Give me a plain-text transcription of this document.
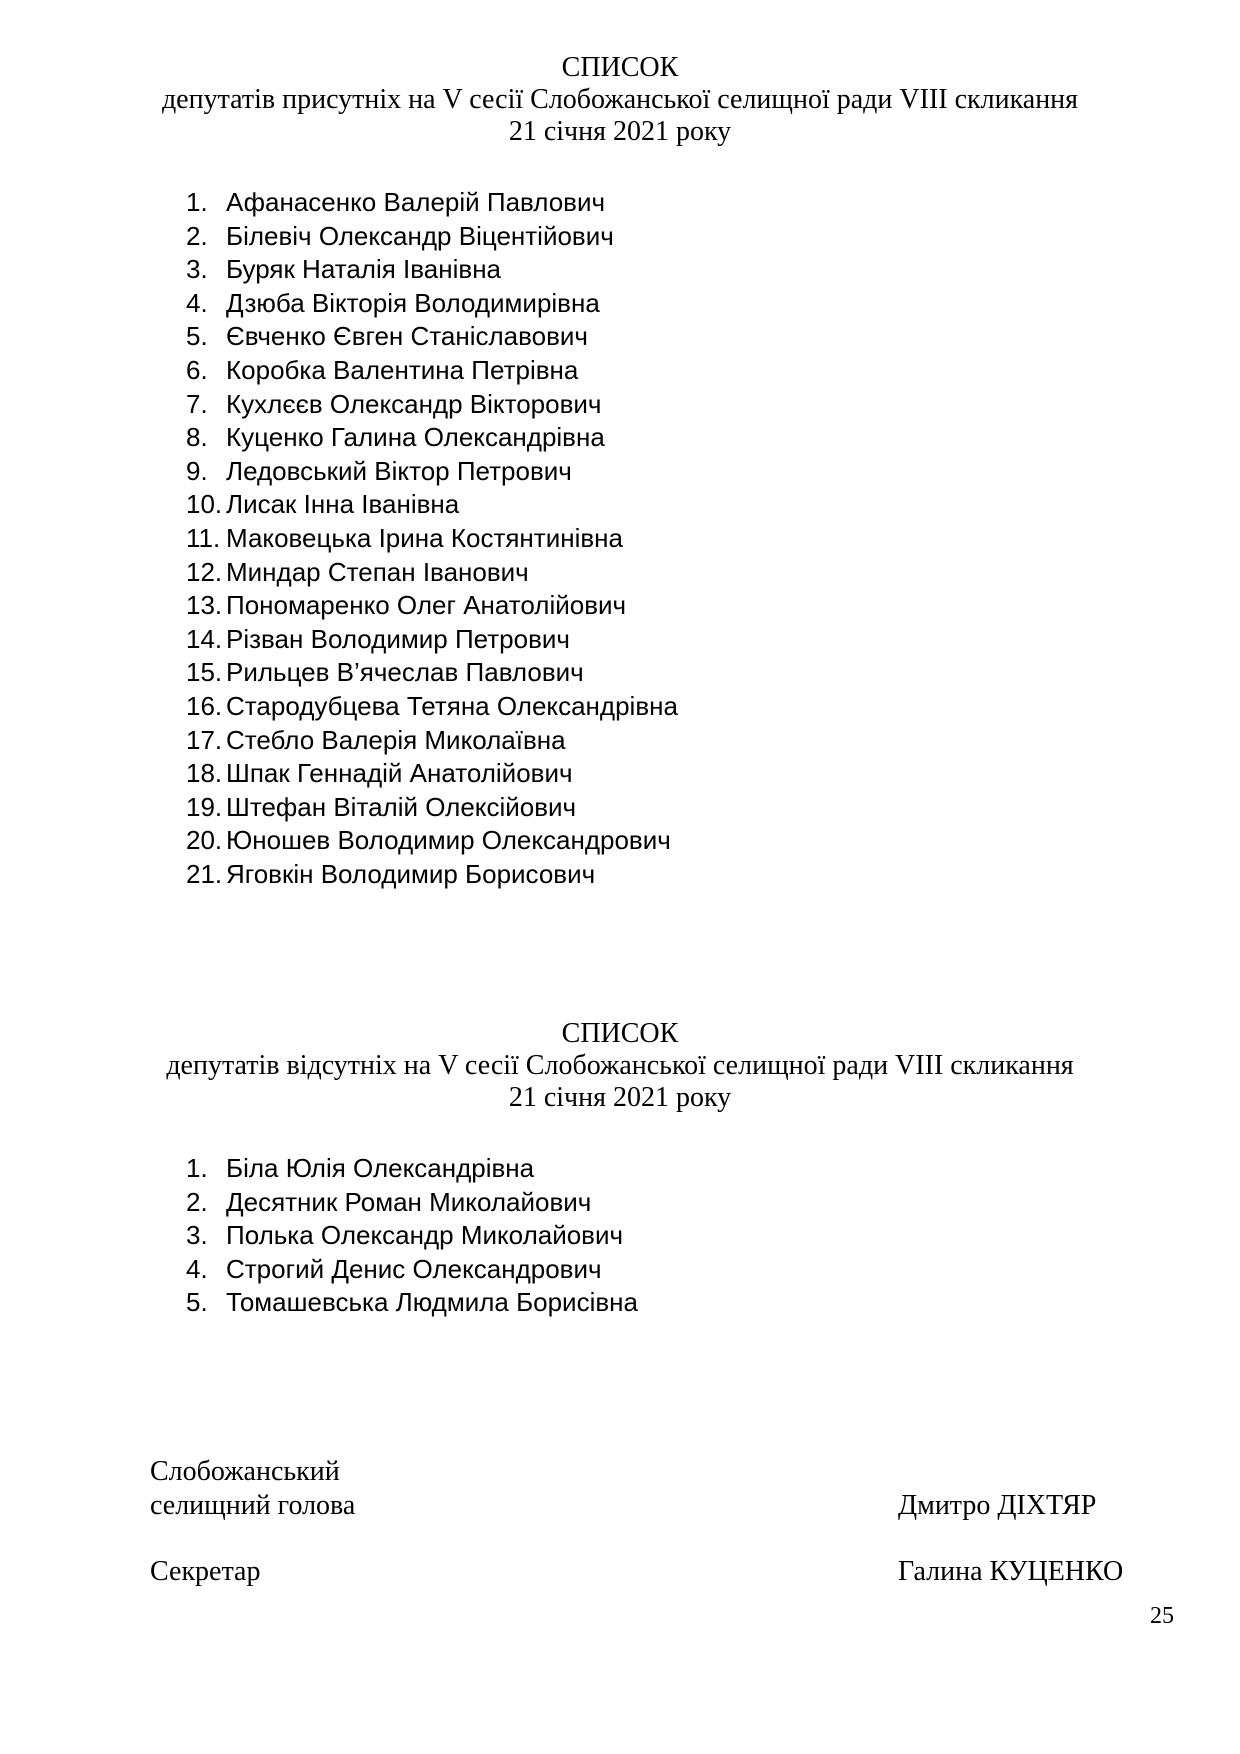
СПИСОК
депутатів присутніх на V сесії Слобожанської селищної ради VIII скликання
21 січня 2021 року
1. Афанасенко Валерій Павлович
2. Білевіч Олександр Віцентійович
3. Буряк Наталія Іванівна
4. Дзюба Вікторія Володимирівна
5. Євченко Євген Станіславович
6. Коробка Валентина Петрівна
7. Кухлєєв Олександр Вікторович
8. Куценко Галина Олександрівна
9. Ледовський Віктор Петрович
10. Лисак Інна Іванівна
11. Маковецька Ірина Костянтинівна
12. Миндар Степан Іванович
13. Пономаренко Олег Анатолійович
14. Різван Володимир Петрович
15. Рильцев В’ячеслав Павлович
16. Стародубцева Тетяна Олександрівна
17. Стебло Валерія Миколаївна
18. Шпак Геннадій Анатолійович
19. Штефан Віталій Олексійович
20. Юношев Володимир Олександрович
21. Яговкін Володимир Борисович
СПИСОК
депутатів відсутніх на V сесії Слобожанської селищної ради VIII скликання
21 січня 2021 року
1. Біла Юлія Олександрівна
2. Десятник Роман Миколайович
3. Полька Олександр Миколайович
4. Строгий Денис Олександрович
5. Томашевська Людмила Борисівна
Слобожанський
селищний голова	Дмитро ДІХТЯР
Секретар	Галина КУЦЕНКО
25
